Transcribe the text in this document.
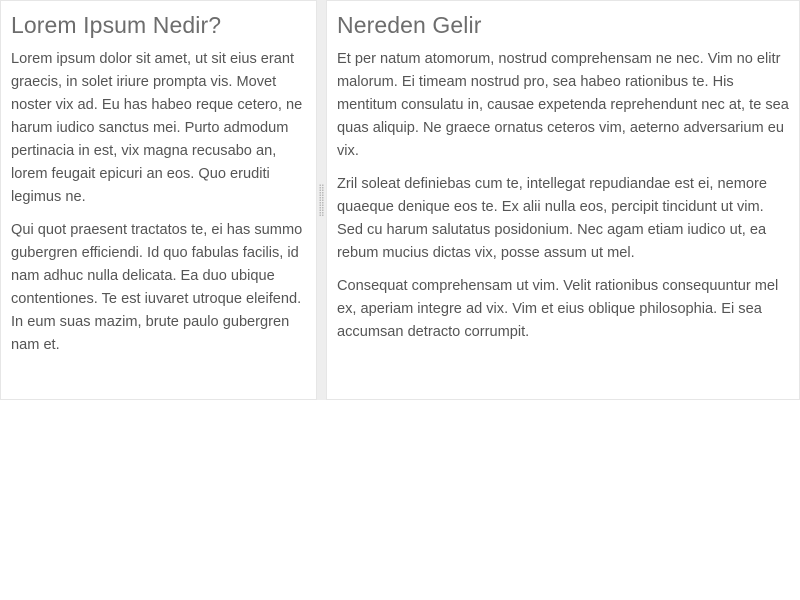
Lorem Ipsum Nedir?

Lorem ipsum dolor sit amet, ut sit eius erant graecis, in solet iriure prompta vis. Movet noster vix ad. Eu has habeo reque cetero, ne harum iudico sanctus mei. Purto admodum pertinacia in est, vix magna recusabo an, lorem feugait epicuri an eos. Quo eruditi legimus ne.

Qui quot praesent tractatos te, ei has summo gubergren efficiendi. Id quo fabulas facilis, id nam adhuc nulla delicata. Ea duo ubique contentiones. Te est iuvaret utroque eleifend. In eum suas mazim, brute paulo gubergren nam et.

Nereden Gelir

Et per natum atomorum, nostrud comprehensam ne nec. Vim no elitr malorum. Ei timeam nostrud pro, sea habeo rationibus te. His mentitum consulatu in, causae expetenda reprehendunt nec at, te sea quas aliquip. Ne graece ornatus ceteros vim, aeterno adversarium eu vix.

Zril soleat definiebas cum te, intellegat repudiandae est ei, nemore quaeque denique eos te. Ex alii nulla eos, percipit tincidunt ut vim. Sed cu harum salutatus posidonium. Nec agam etiam iudico ut, ea rebum mucius dictas vix, posse assum ut mel.

Consequat comprehensam ut vim. Velit rationibus consequuntur mel ex, aperiam integre ad vix. Vim et eius oblique philosophia. Ei sea accumsan detracto corrumpit.
